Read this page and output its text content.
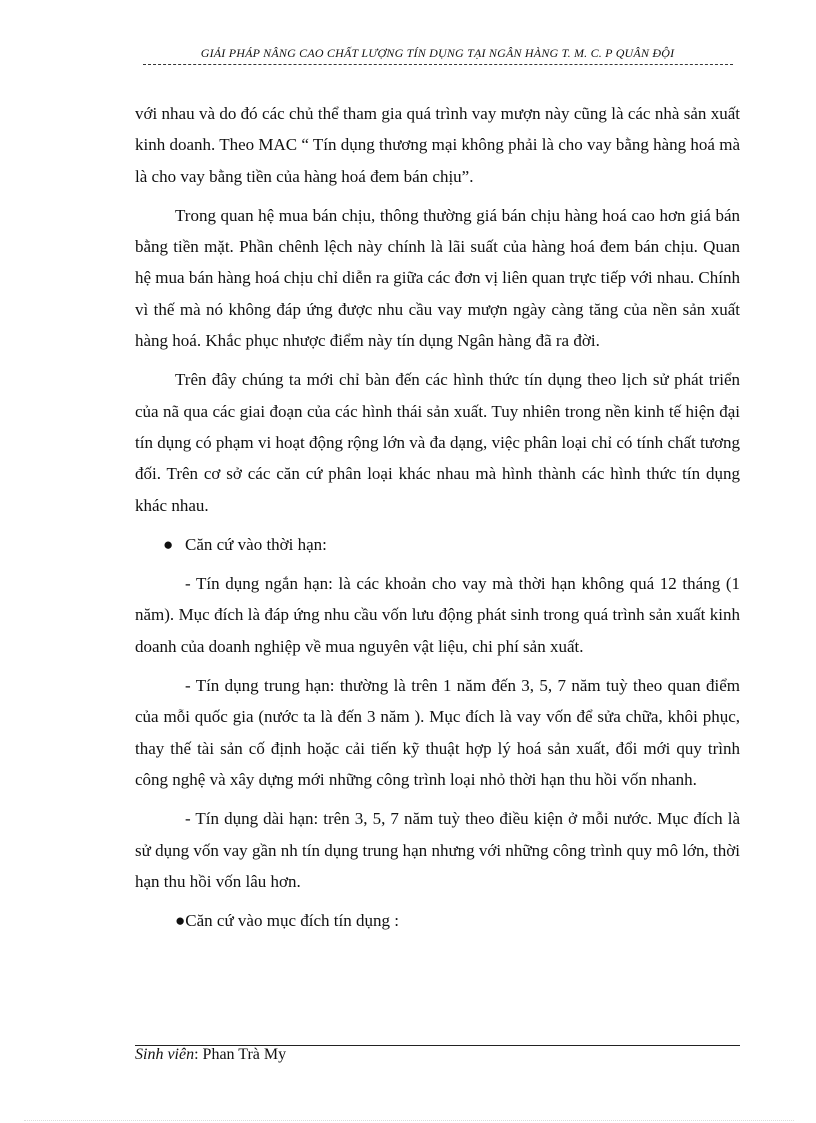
GIẢI PHÁP NÂNG CAO CHẤT LƯỢNG TÍN DỤNG TẠI NGÂN HÀNG T. M. C. P QUÂN ĐỘI

với nhau và do đó các chủ thể tham gia quá trình vay mượn này cũng là các nhà sản xuất kinh doanh. Theo MAC “ Tín dụng thương mại không phải là cho vay bằng hàng hoá mà là cho vay bằng tiền của hàng hoá đem bán chịu”.

Trong quan hệ mua bán chịu, thông thường giá bán chịu hàng hoá cao hơn giá bán bằng tiền mặt. Phần chênh lệch này chính là lãi suất của hàng hoá đem bán chịu. Quan hệ mua bán hàng hoá chịu chỉ diễn ra giữa các đơn vị liên quan trực tiếp với nhau. Chính vì thế mà nó không đáp ứng được nhu cầu vay mượn ngày càng tăng của nền sản xuất hàng hoá. Khắc phục nhược điểm này tín dụng Ngân hàng đã ra đời.

Trên đây chúng ta mới chỉ bàn đến các hình thức tín dụng theo lịch sử phát triển của nã qua các giai đoạn của các hình thái sản xuất. Tuy nhiên trong nền kinh tế hiện đại tín dụng có phạm vi hoạt động rộng lớn và đa dạng, việc phân loại chỉ có tính chất tương đối. Trên cơ sở các căn cứ phân loại khác nhau mà hình thành các hình thức tín dụng khác nhau.

● Căn cứ vào thời hạn:

- Tín dụng ngắn hạn: là các khoản cho vay mà thời hạn không quá 12 tháng (1 năm). Mục đích là đáp ứng nhu cầu vốn lưu động phát sinh trong quá trình sản xuất kinh doanh của doanh nghiệp về mua nguyên vật liệu, chi phí sản xuất.

- Tín dụng trung hạn: thường là trên 1 năm đến 3, 5, 7 năm tuỳ theo quan điểm của mỗi quốc gia (nước ta là đến 3 năm ). Mục đích là vay vốn để sửa chữa, khôi phục, thay thế tài sản cố định hoặc cải tiến kỹ thuật hợp lý hoá sản xuất, đổi mới quy trình công nghệ và xây dựng mới những công trình loại nhỏ thời hạn thu hồi vốn nhanh.

- Tín dụng dài hạn: trên 3, 5, 7 năm tuỳ theo điều kiện ở mỗi nước. Mục đích là sử dụng vốn vay gần nh tín dụng trung hạn nhưng với những công trình quy mô lớn, thời hạn thu hồi vốn lâu hơn.

●Căn cứ vào mục đích tín dụng :
Sinh viên: Phan Trà My
